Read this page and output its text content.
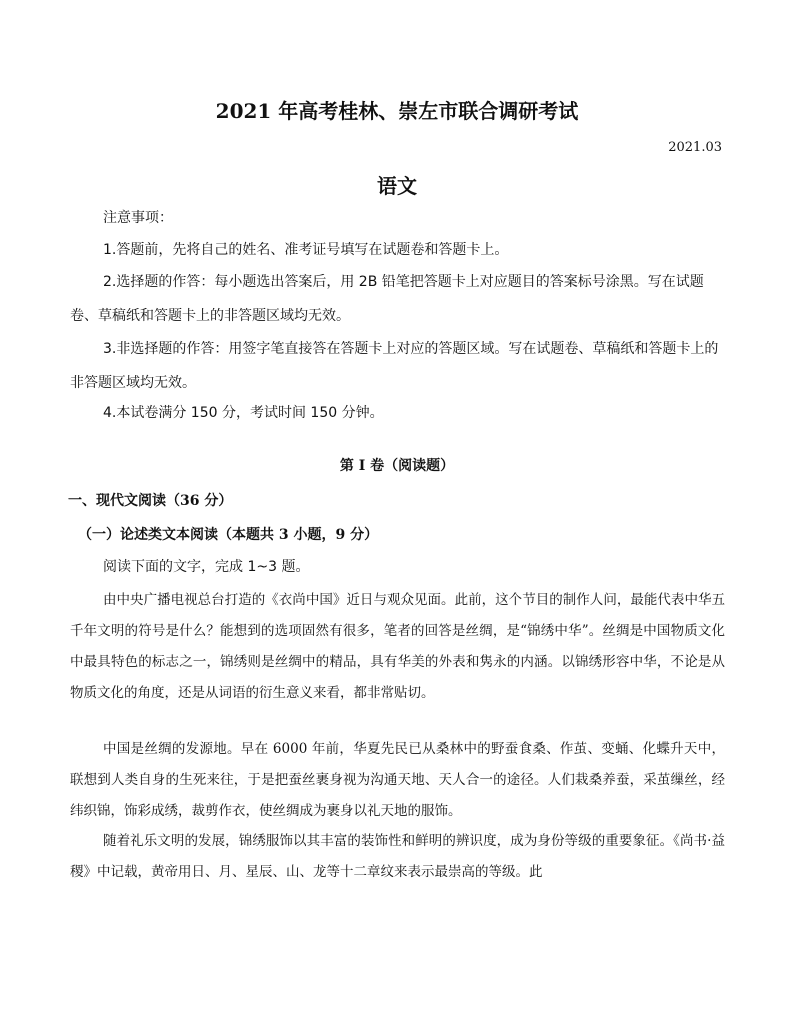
2021 年高考桂林、崇左市联合调研考试
2021.03
语文
注意事项：

1.答题前，先将自己的姓名、准考证号填写在试题卷和答题卡上。

2.选择题的作答：每小题选出答案后，用 2B 铅笔把答题卡上对应题目的答案标号涂黑。写在试题卷、草稿纸和答题卡上的非答题区域均无效。

3.非选择题的作答：用签字笔直接答在答题卡上对应的答题区域。写在试题卷、草稿纸和答题卡上的非答题区域均无效。

4.本试卷满分 150 分，考试时间 150 分钟。

第 I 卷（阅读题）
一、现代文阅读（36 分）
（一）论述类文本阅读（本题共 3 小题，9 分）
阅读下面的文字，完成 1~3 题。

由中央广播电视总台打造的《衣尚中国》近日与观众见面。此前，这个节目的制作人问，最能代表中华五千年文明的符号是什么？能想到的选项固然有很多，笔者的回答是丝绸，是“锦绣中华”。丝绸是中国物质文化中最具特色的标志之一，锦绣则是丝绸中的精品，具有华美的外表和隽永的内涵。以锦绣形容中华，不论是从物质文化的角度，还是从词语的衍生意义来看，都非常贴切。

中国是丝绸的发源地。早在 6000 年前，华夏先民已从桑林中的野蚕食桑、作茧、变蛹、化蝶升天中，联想到人类自身的生死来往，于是把蚕丝裹身视为沟通天地、天人合一的途径。人们栽桑养蚕，采茧缫丝，经纬织锦，饰彩成绣，裁剪作衣，使丝绸成为裹身以礼天地的服饰。

随着礼乐文明的发展，锦绣服饰以其丰富的装饰性和鲜明的辨识度，成为身份等级的重要象征。《尚书·益稷》中记载，黄帝用日、月、星辰、山、龙等十二章纹来表示最崇高的等级。此
